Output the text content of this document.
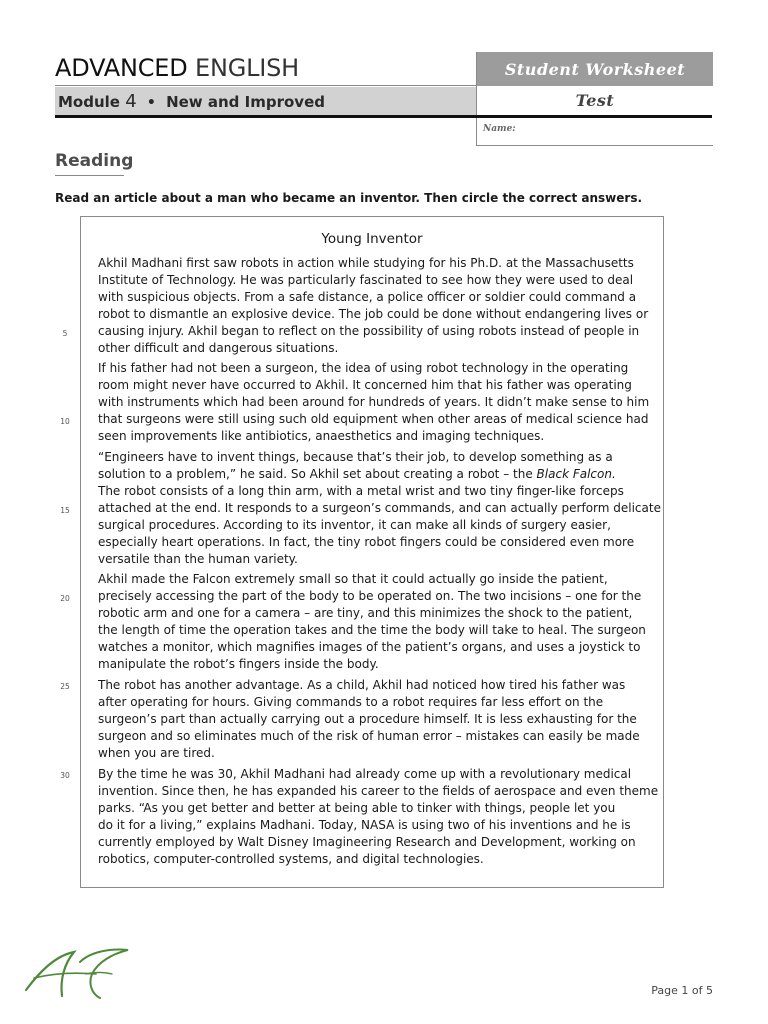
ADVANCED ENGLISH
Module 4 • New and Improved
Student Worksheet
Test
Name:
Reading
Read an article about a man who became an inventor. Then circle the correct answers.
5
10
15
20
25
30
Young Inventor

Akhil Madhani first saw robots in action while studying for his Ph.D. at the Massachusetts
Institute of Technology. He was particularly fascinated to see how they were used to deal
with suspicious objects. From a safe distance, a police officer or soldier could command a
robot to dismantle an explosive device. The job could be done without endangering lives or
causing injury. Akhil began to reflect on the possibility of using robots instead of people in
other difficult and dangerous situations.

If his father had not been a surgeon, the idea of using robot technology in the operating
room might never have occurred to Akhil. It concerned him that his father was operating
with instruments which had been around for hundreds of years. It didn’t make sense to him
that surgeons were still using such old equipment when other areas of medical science had
seen improvements like antibiotics, anaesthetics and imaging techniques.

“Engineers have to invent things, because that’s their job, to develop something as a
solution to a problem,” he said. So Akhil set about creating a robot – the Black Falcon.
The robot consists of a long thin arm, with a metal wrist and two tiny finger-like forceps
attached at the end. It responds to a surgeon’s commands, and can actually perform delicate
surgical procedures. According to its inventor, it can make all kinds of surgery easier,
especially heart operations. In fact, the tiny robot fingers could be considered even more
versatile than the human variety.

Akhil made the Falcon extremely small so that it could actually go inside the patient,
precisely accessing the part of the body to be operated on. The two incisions – one for the
robotic arm and one for a camera – are tiny, and this minimizes the shock to the patient,
the length of time the operation takes and the time the body will take to heal. The surgeon
watches a monitor, which magnifies images of the patient’s organs, and uses a joystick to
manipulate the robot’s fingers inside the body.

The robot has another advantage. As a child, Akhil had noticed how tired his father was
after operating for hours. Giving commands to a robot requires far less effort on the
surgeon’s part than actually carrying out a procedure himself. It is less exhausting for the
surgeon and so eliminates much of the risk of human error – mistakes can easily be made
when you are tired.

By the time he was 30, Akhil Madhani had already come up with a revolutionary medical
invention. Since then, he has expanded his career to the fields of aerospace and even theme
parks. “As you get better and better at being able to tinker with things, people let you
do it for a living,” explains Madhani. Today, NASA is using two of his inventions and he is
currently employed by Walt Disney Imagineering Research and Development, working on
robotics, computer-controlled systems, and digital technologies.

Page 1 of 5
